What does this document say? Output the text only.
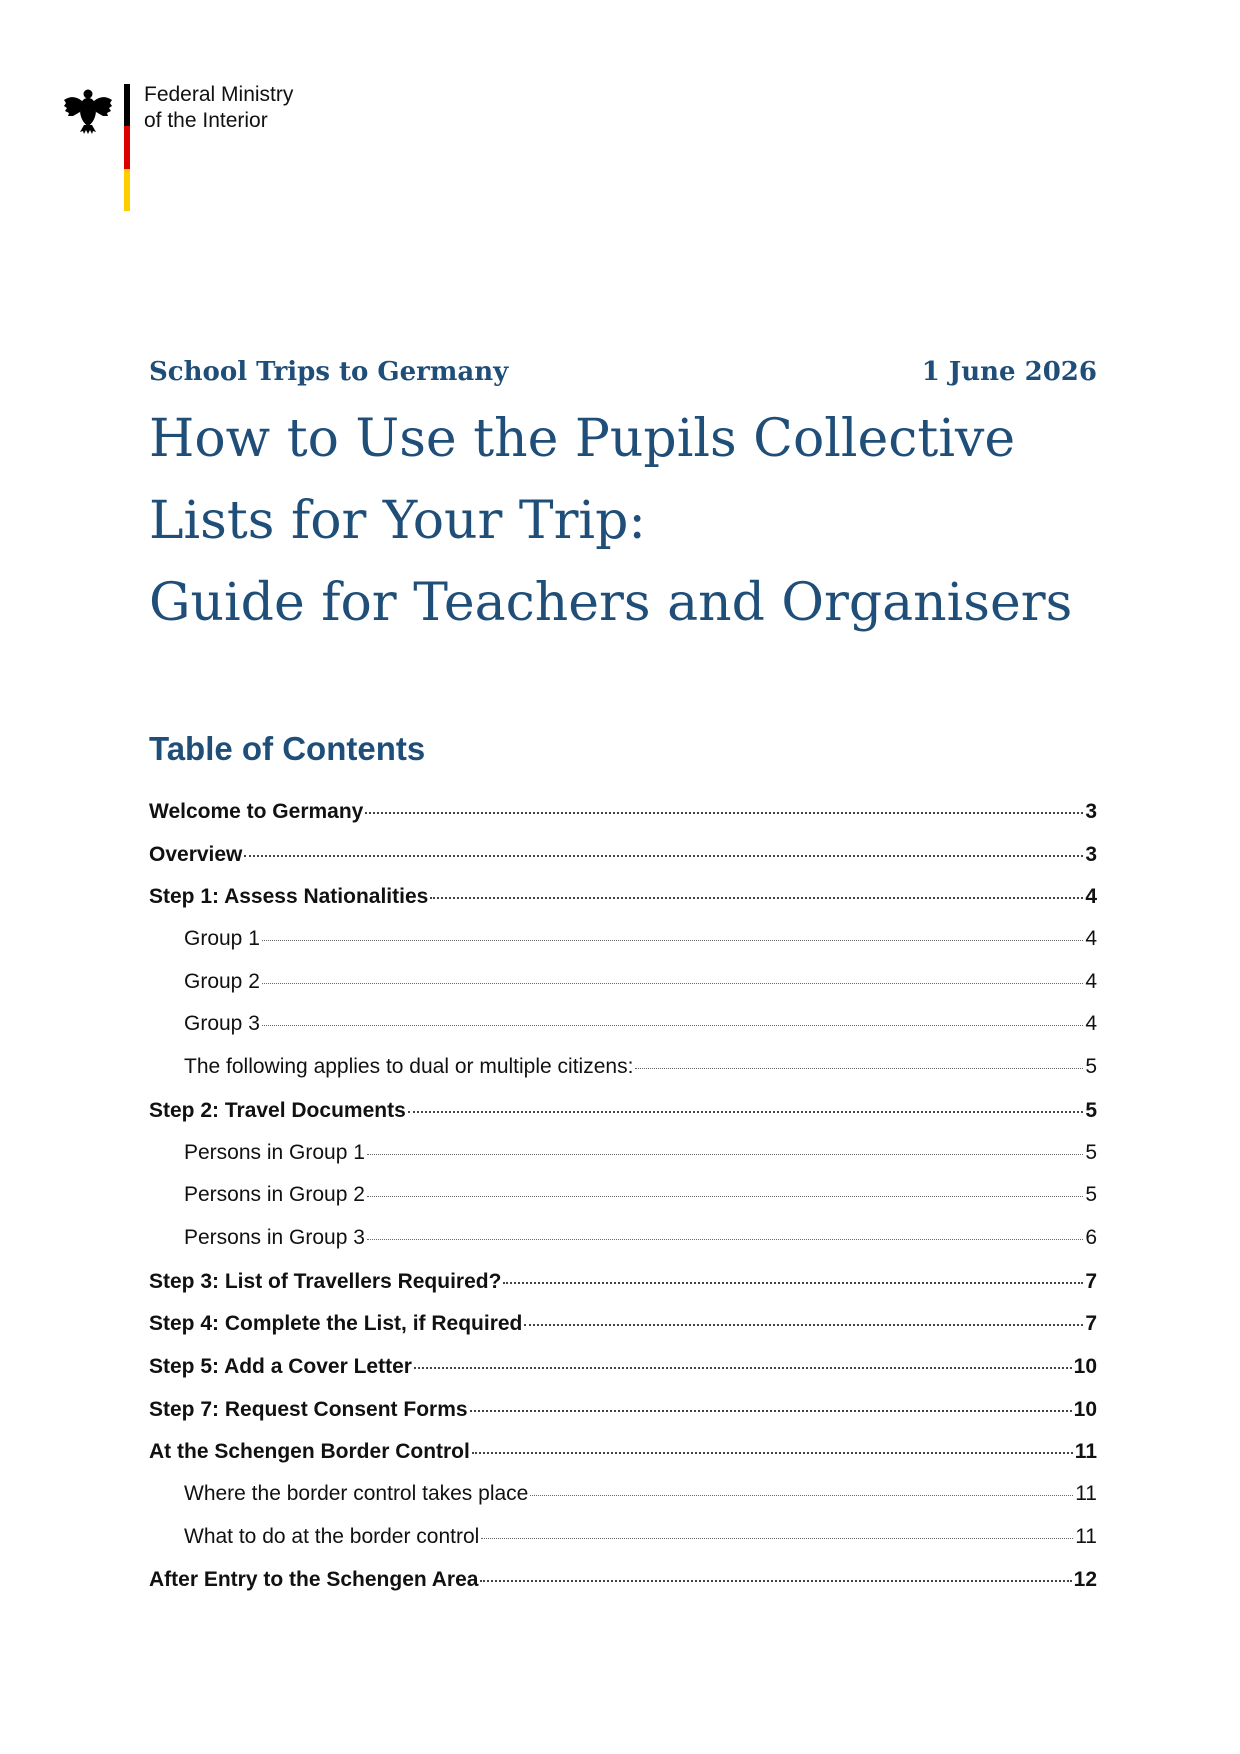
Federal Ministry
of the Interior
School Trips to Germany	1 June 2026
How to Use the Pupils Collective
Lists for Your Trip:
Guide for Teachers and Organisers
Table of Contents
Welcome to Germany	3
Overview	3
Step 1: Assess Nationalities	4
Group 1	4
Group 2	4
Group 3	4
The following applies to dual or multiple citizens:	5
Step 2: Travel Documents	5
Persons in Group 1	5
Persons in Group 2	5
Persons in Group 3	6
Step 3: List of Travellers Required?	7
Step 4: Complete the List, if Required	7
Step 5: Add a Cover Letter	10
Step 7: Request Consent Forms	10
At the Schengen Border Control	11
Where the border control takes place	11
What to do at the border control	11
After Entry to the Schengen Area	12
